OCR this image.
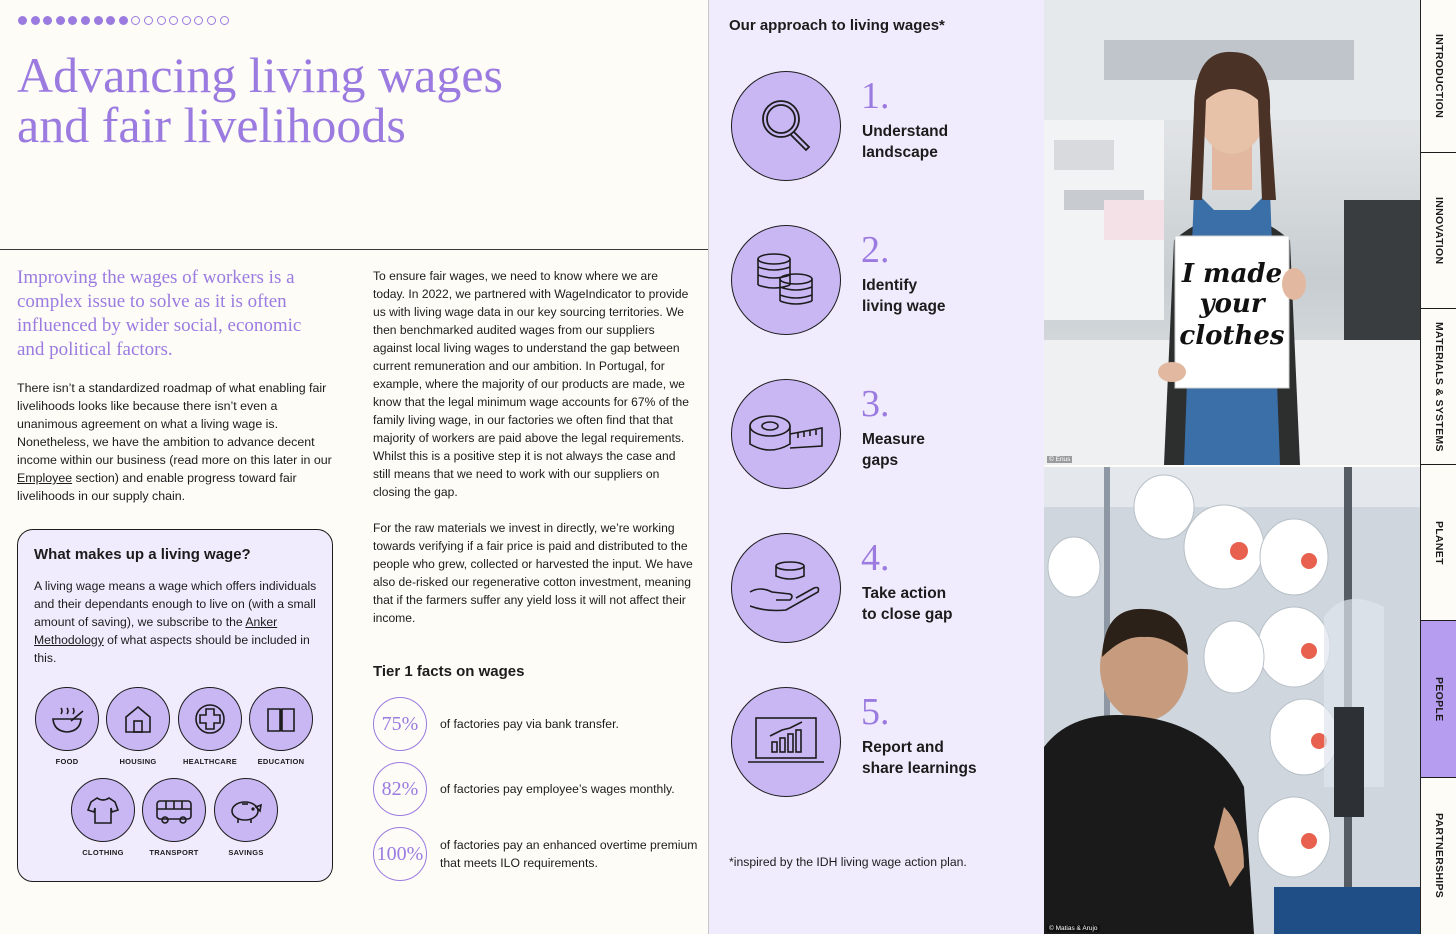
Advancing living wages
and fair livelihoods

Improving the wages of workers is a complex issue to solve as it is often influenced by wider social, economic and political factors.

There isn’t a standardized roadmap of what enabling fair livelihoods looks like because there isn’t even a unanimous agreement on what a living wage is. Nonetheless, we have the ambition to advance decent income within our business (read more on this later in our Employee section) and enable progress toward fair livelihoods in our supply chain.

What makes up a living wage?

A living wage means a wage which offers individuals and their dependants enough to live on (with a small amount of saving), we subscribe to the Anker Methodology of what aspects should be included in this.

FOOD	HOUSING	HEALTHCARE	EDUCATION
CLOTHING	TRANSPORT	SAVINGS

To ensure fair wages, we need to know where we are today. In 2022, we partnered with WageIndicator to provide us with living wage data in our key sourcing territories. We then benchmarked audited wages from our suppliers against local living wages to understand the gap between current remuneration and our ambition. In Portugal, for example, where the majority of our products are made, we know that the legal minimum wage accounts for 67% of the family living wage, in our factories we often find that that majority of workers are paid above the legal requirements. Whilst this is a positive step it is not always the case and still means that we need to work with our suppliers on closing the gap.

For the raw materials we invest in directly, we’re working towards verifying if a fair price is paid and distributed to the people who grew, collected or harvested the input. We have also de-risked our regenerative cotton investment, meaning that if the farmers suffer any yield loss it will not affect their income.

Tier 1 facts on wages
75%	of factories pay via bank transfer.
82%	of factories pay employee’s wages monthly.
100%	of factories pay an enhanced overtime premium that meets ILO requirements.
Our approach to living wages*
1.
Understand
landscape
2.
Identify
living wage
3.
Measure
gaps
4.
Take action
to close gap
5.
Report and
share learnings
*inspired by the IDH living wage action plan.
I made
your
clothes
© Erius
© Matias & Arujo
INTRODUCTION
INNOVATION
MATERIALS & SYSTEMS
PLANET
PEOPLE
PARTNERSHIPS
